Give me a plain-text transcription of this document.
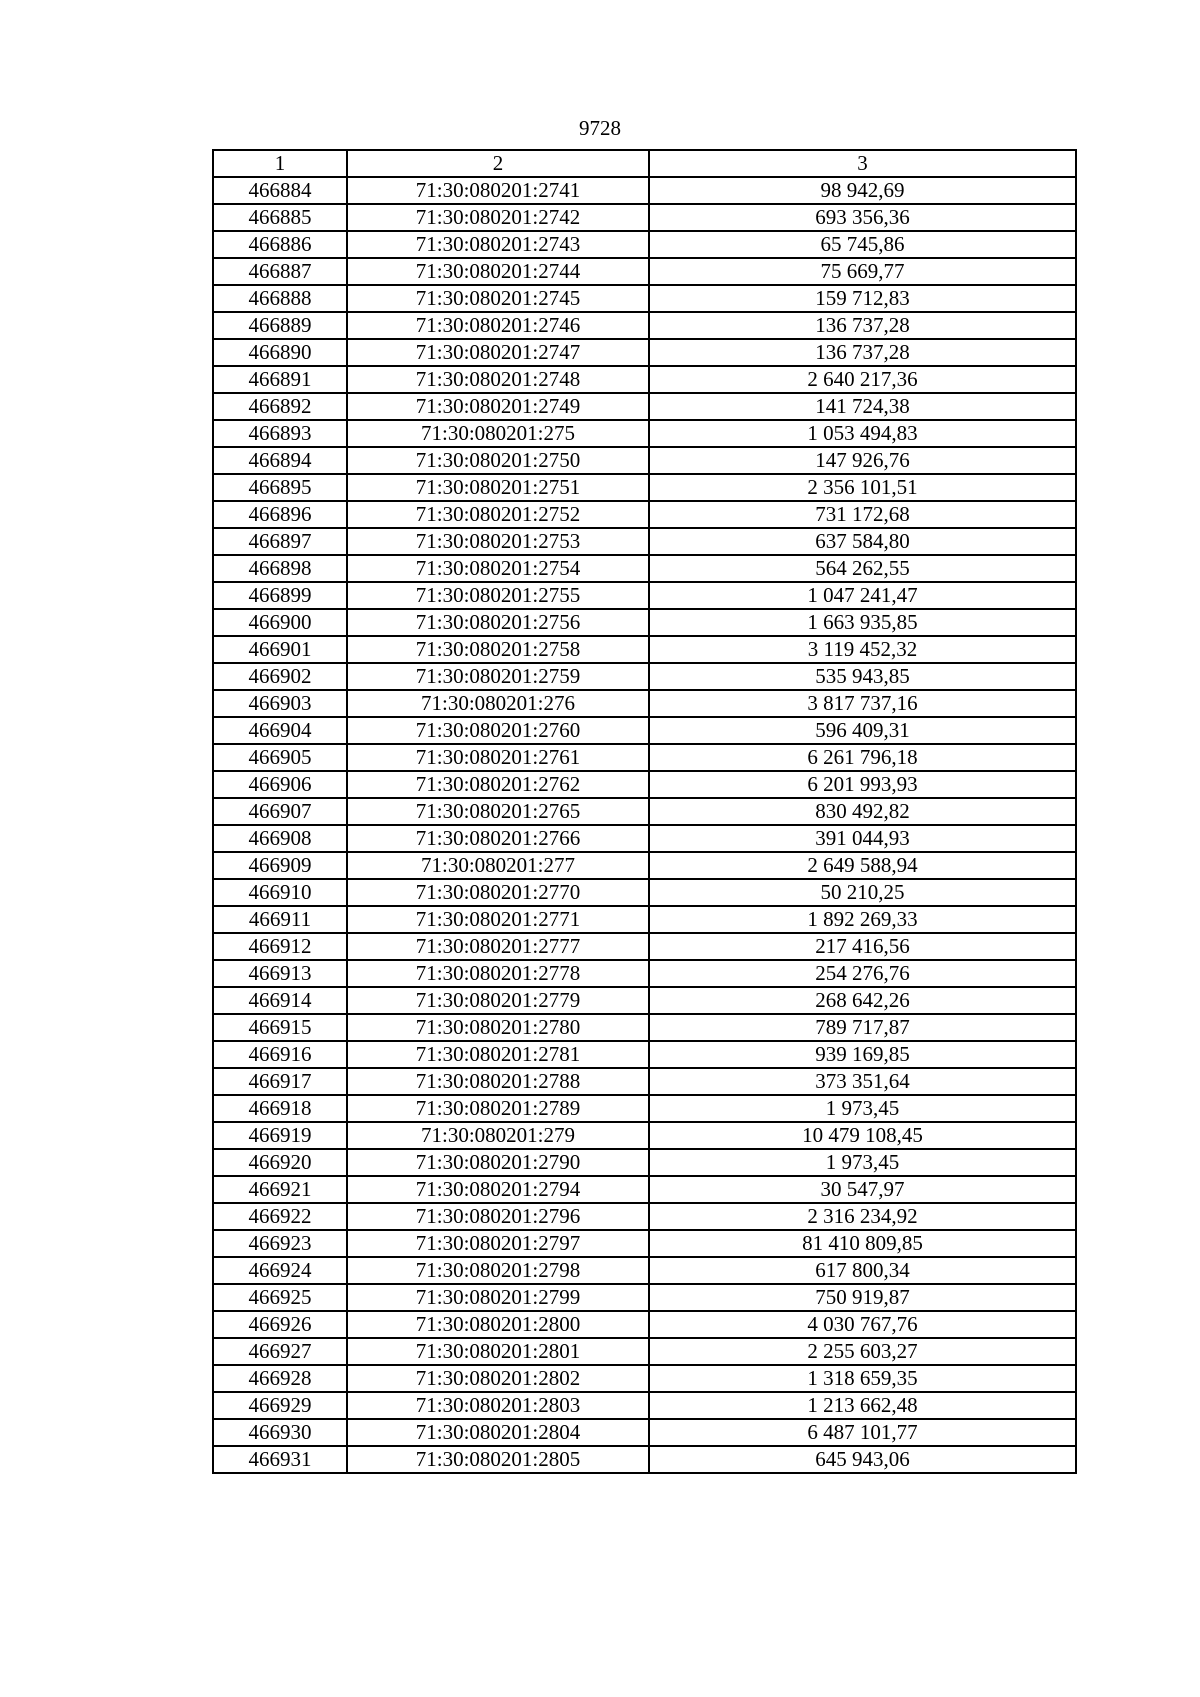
9728
1	2	3
466884	71:30:080201:2741	98 942,69
466885	71:30:080201:2742	693 356,36
466886	71:30:080201:2743	65 745,86
466887	71:30:080201:2744	75 669,77
466888	71:30:080201:2745	159 712,83
466889	71:30:080201:2746	136 737,28
466890	71:30:080201:2747	136 737,28
466891	71:30:080201:2748	2 640 217,36
466892	71:30:080201:2749	141 724,38
466893	71:30:080201:275	1 053 494,83
466894	71:30:080201:2750	147 926,76
466895	71:30:080201:2751	2 356 101,51
466896	71:30:080201:2752	731 172,68
466897	71:30:080201:2753	637 584,80
466898	71:30:080201:2754	564 262,55
466899	71:30:080201:2755	1 047 241,47
466900	71:30:080201:2756	1 663 935,85
466901	71:30:080201:2758	3 119 452,32
466902	71:30:080201:2759	535 943,85
466903	71:30:080201:276	3 817 737,16
466904	71:30:080201:2760	596 409,31
466905	71:30:080201:2761	6 261 796,18
466906	71:30:080201:2762	6 201 993,93
466907	71:30:080201:2765	830 492,82
466908	71:30:080201:2766	391 044,93
466909	71:30:080201:277	2 649 588,94
466910	71:30:080201:2770	50 210,25
466911	71:30:080201:2771	1 892 269,33
466912	71:30:080201:2777	217 416,56
466913	71:30:080201:2778	254 276,76
466914	71:30:080201:2779	268 642,26
466915	71:30:080201:2780	789 717,87
466916	71:30:080201:2781	939 169,85
466917	71:30:080201:2788	373 351,64
466918	71:30:080201:2789	1 973,45
466919	71:30:080201:279	10 479 108,45
466920	71:30:080201:2790	1 973,45
466921	71:30:080201:2794	30 547,97
466922	71:30:080201:2796	2 316 234,92
466923	71:30:080201:2797	81 410 809,85
466924	71:30:080201:2798	617 800,34
466925	71:30:080201:2799	750 919,87
466926	71:30:080201:2800	4 030 767,76
466927	71:30:080201:2801	2 255 603,27
466928	71:30:080201:2802	1 318 659,35
466929	71:30:080201:2803	1 213 662,48
466930	71:30:080201:2804	6 487 101,77
466931	71:30:080201:2805	645 943,06
